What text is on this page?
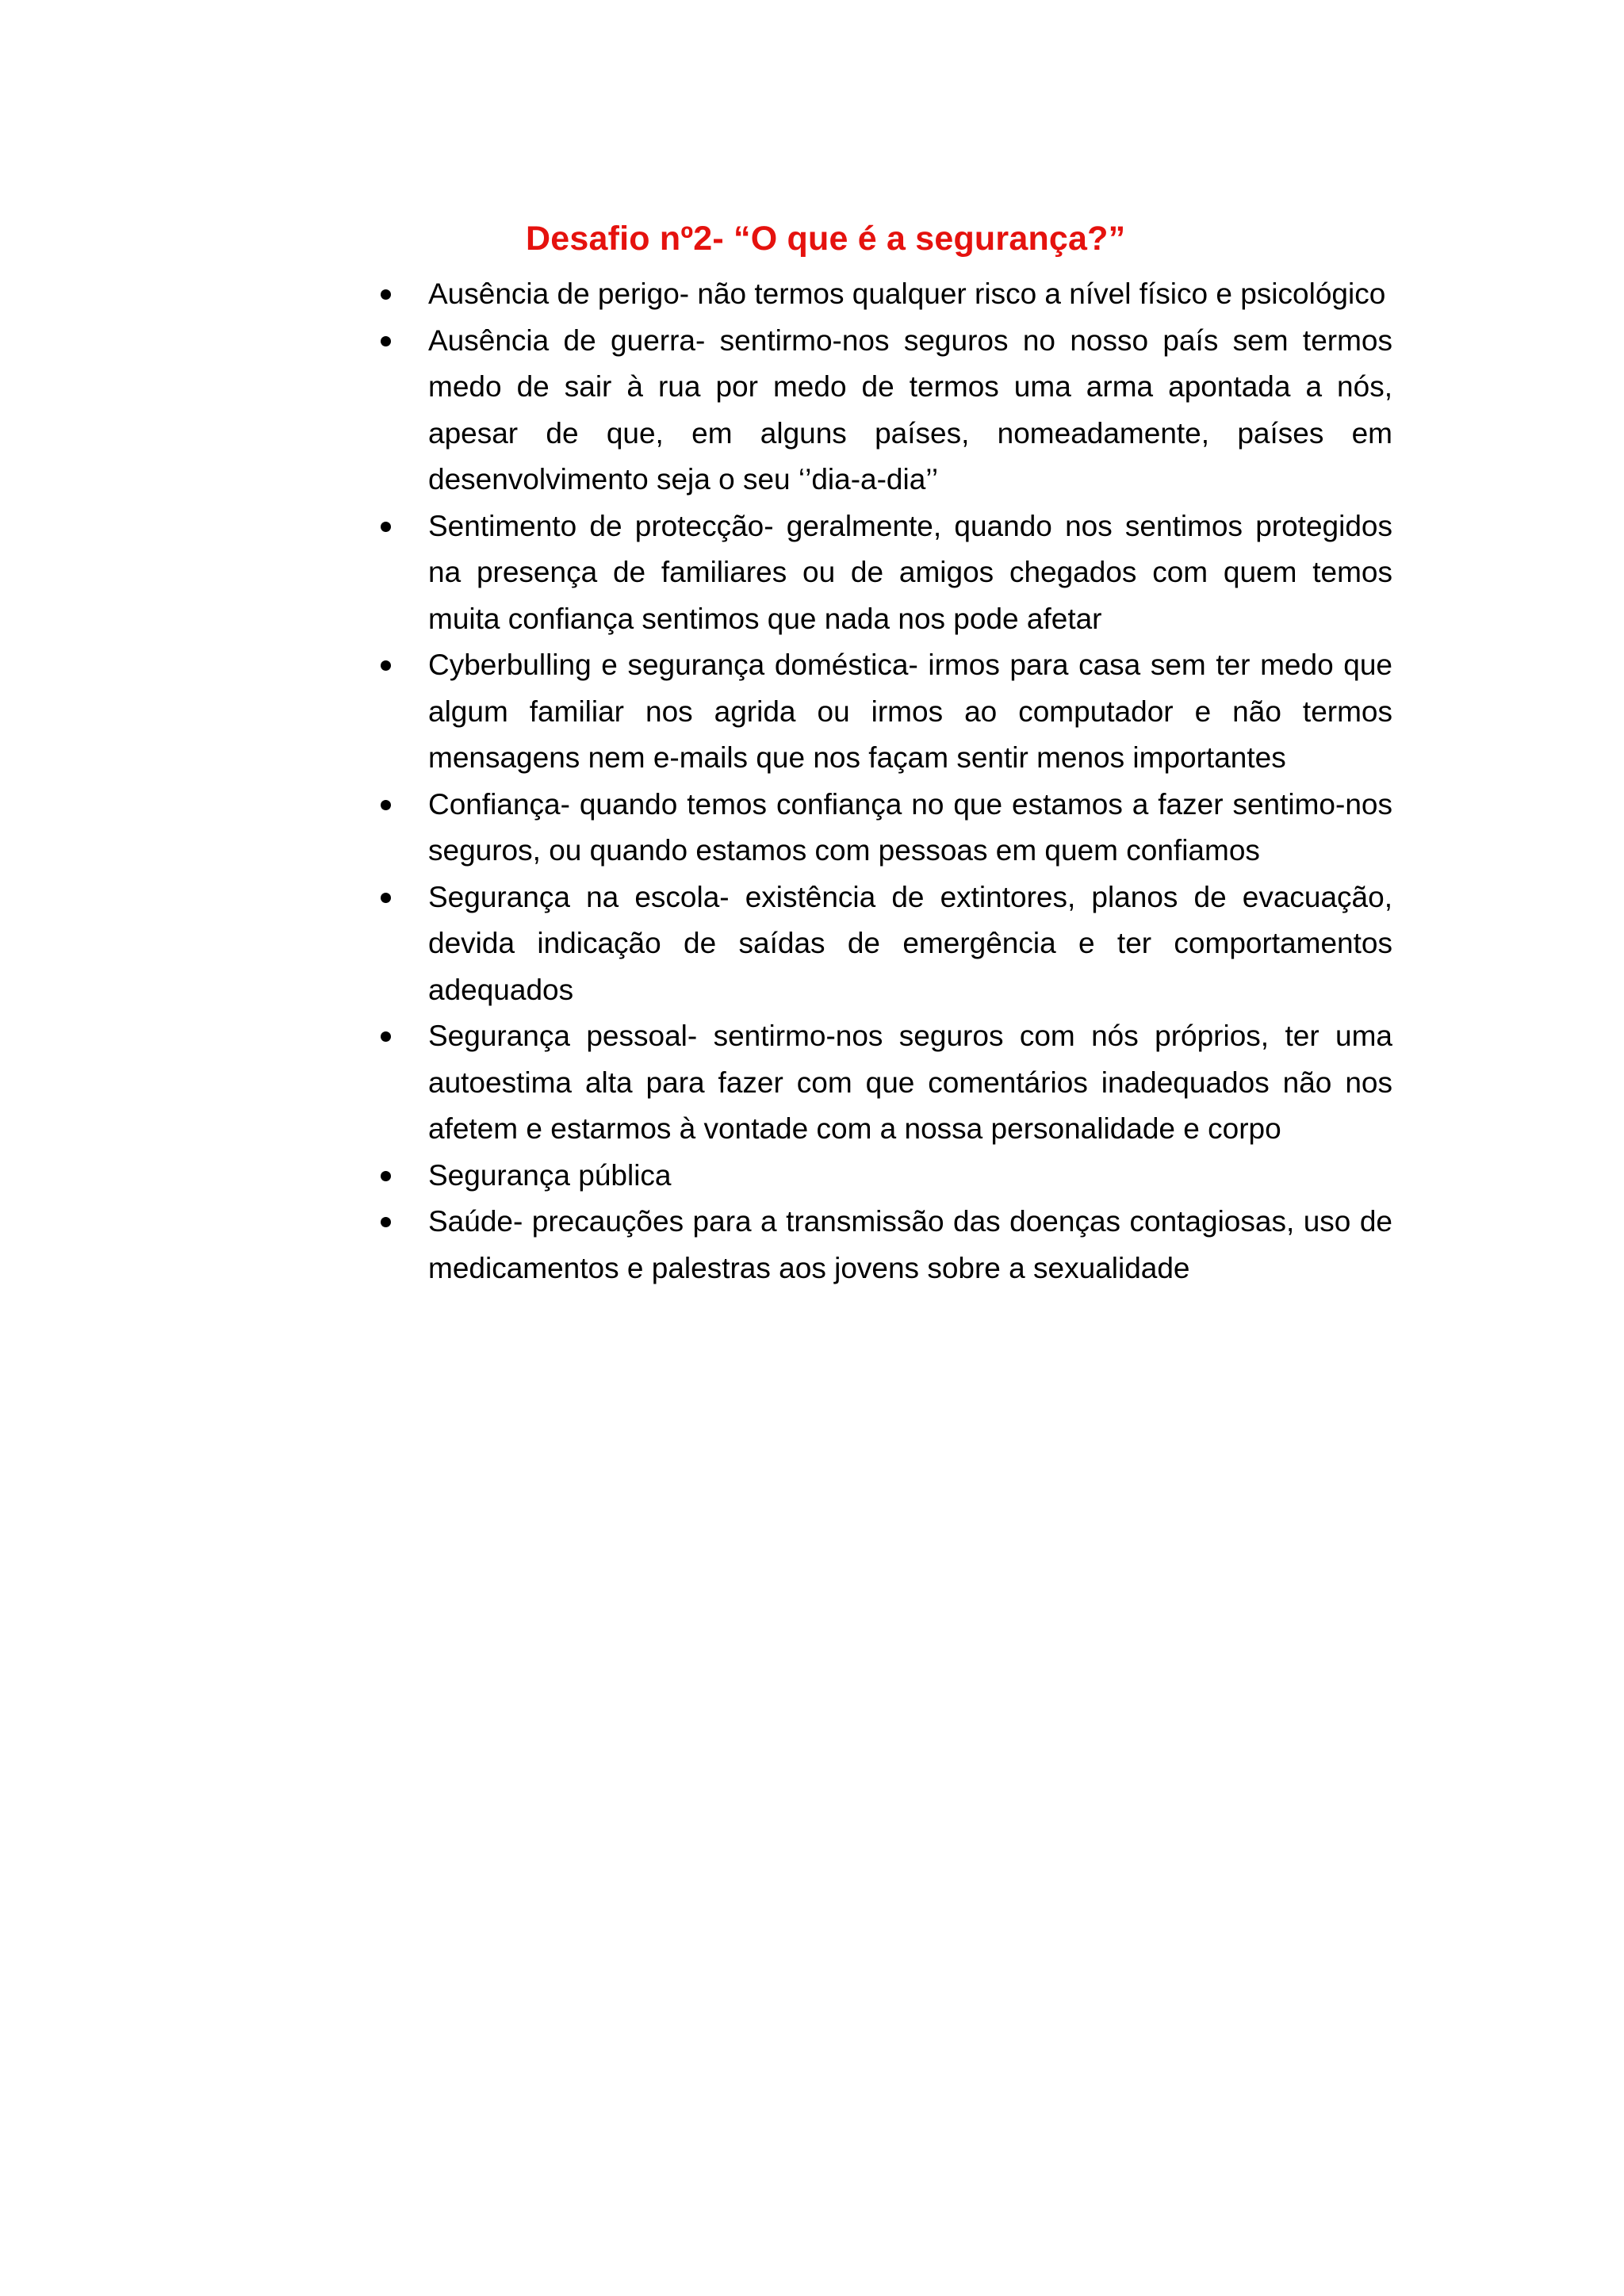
Desafio nº2- “O que é a segurança?”
Ausência de perigo- não termos qualquer risco a nível físico e psicológico
Ausência de guerra- sentirmo-nos seguros no nosso país sem termos medo de sair à rua por medo de termos uma arma apontada a nós, apesar de que, em alguns países, nomeadamente, países em desenvolvimento seja o seu ‘’dia-a-dia’’
Sentimento de protecção- geralmente, quando nos sentimos protegidos na presença de familiares ou de amigos chegados com quem temos muita confiança sentimos que nada nos pode afetar
Cyberbulling e segurança doméstica- irmos para casa sem ter medo que algum familiar nos agrida ou irmos ao computador e não termos mensagens nem e-mails que nos façam sentir menos importantes
Confiança- quando temos confiança no que estamos a fazer sentimo-nos seguros, ou quando estamos com pessoas em quem confiamos
Segurança na escola- existência de extintores, planos de evacuação, devida indicação de saídas de emergência e ter comportamentos adequados
Segurança pessoal- sentirmo-nos seguros com nós próprios, ter uma autoestima alta para fazer com que comentários inadequados não nos afetem e estarmos à vontade com a nossa personalidade e corpo
Segurança pública
Saúde- precauções para a transmissão das doenças contagiosas, uso de medicamentos e palestras aos jovens sobre a sexualidade
